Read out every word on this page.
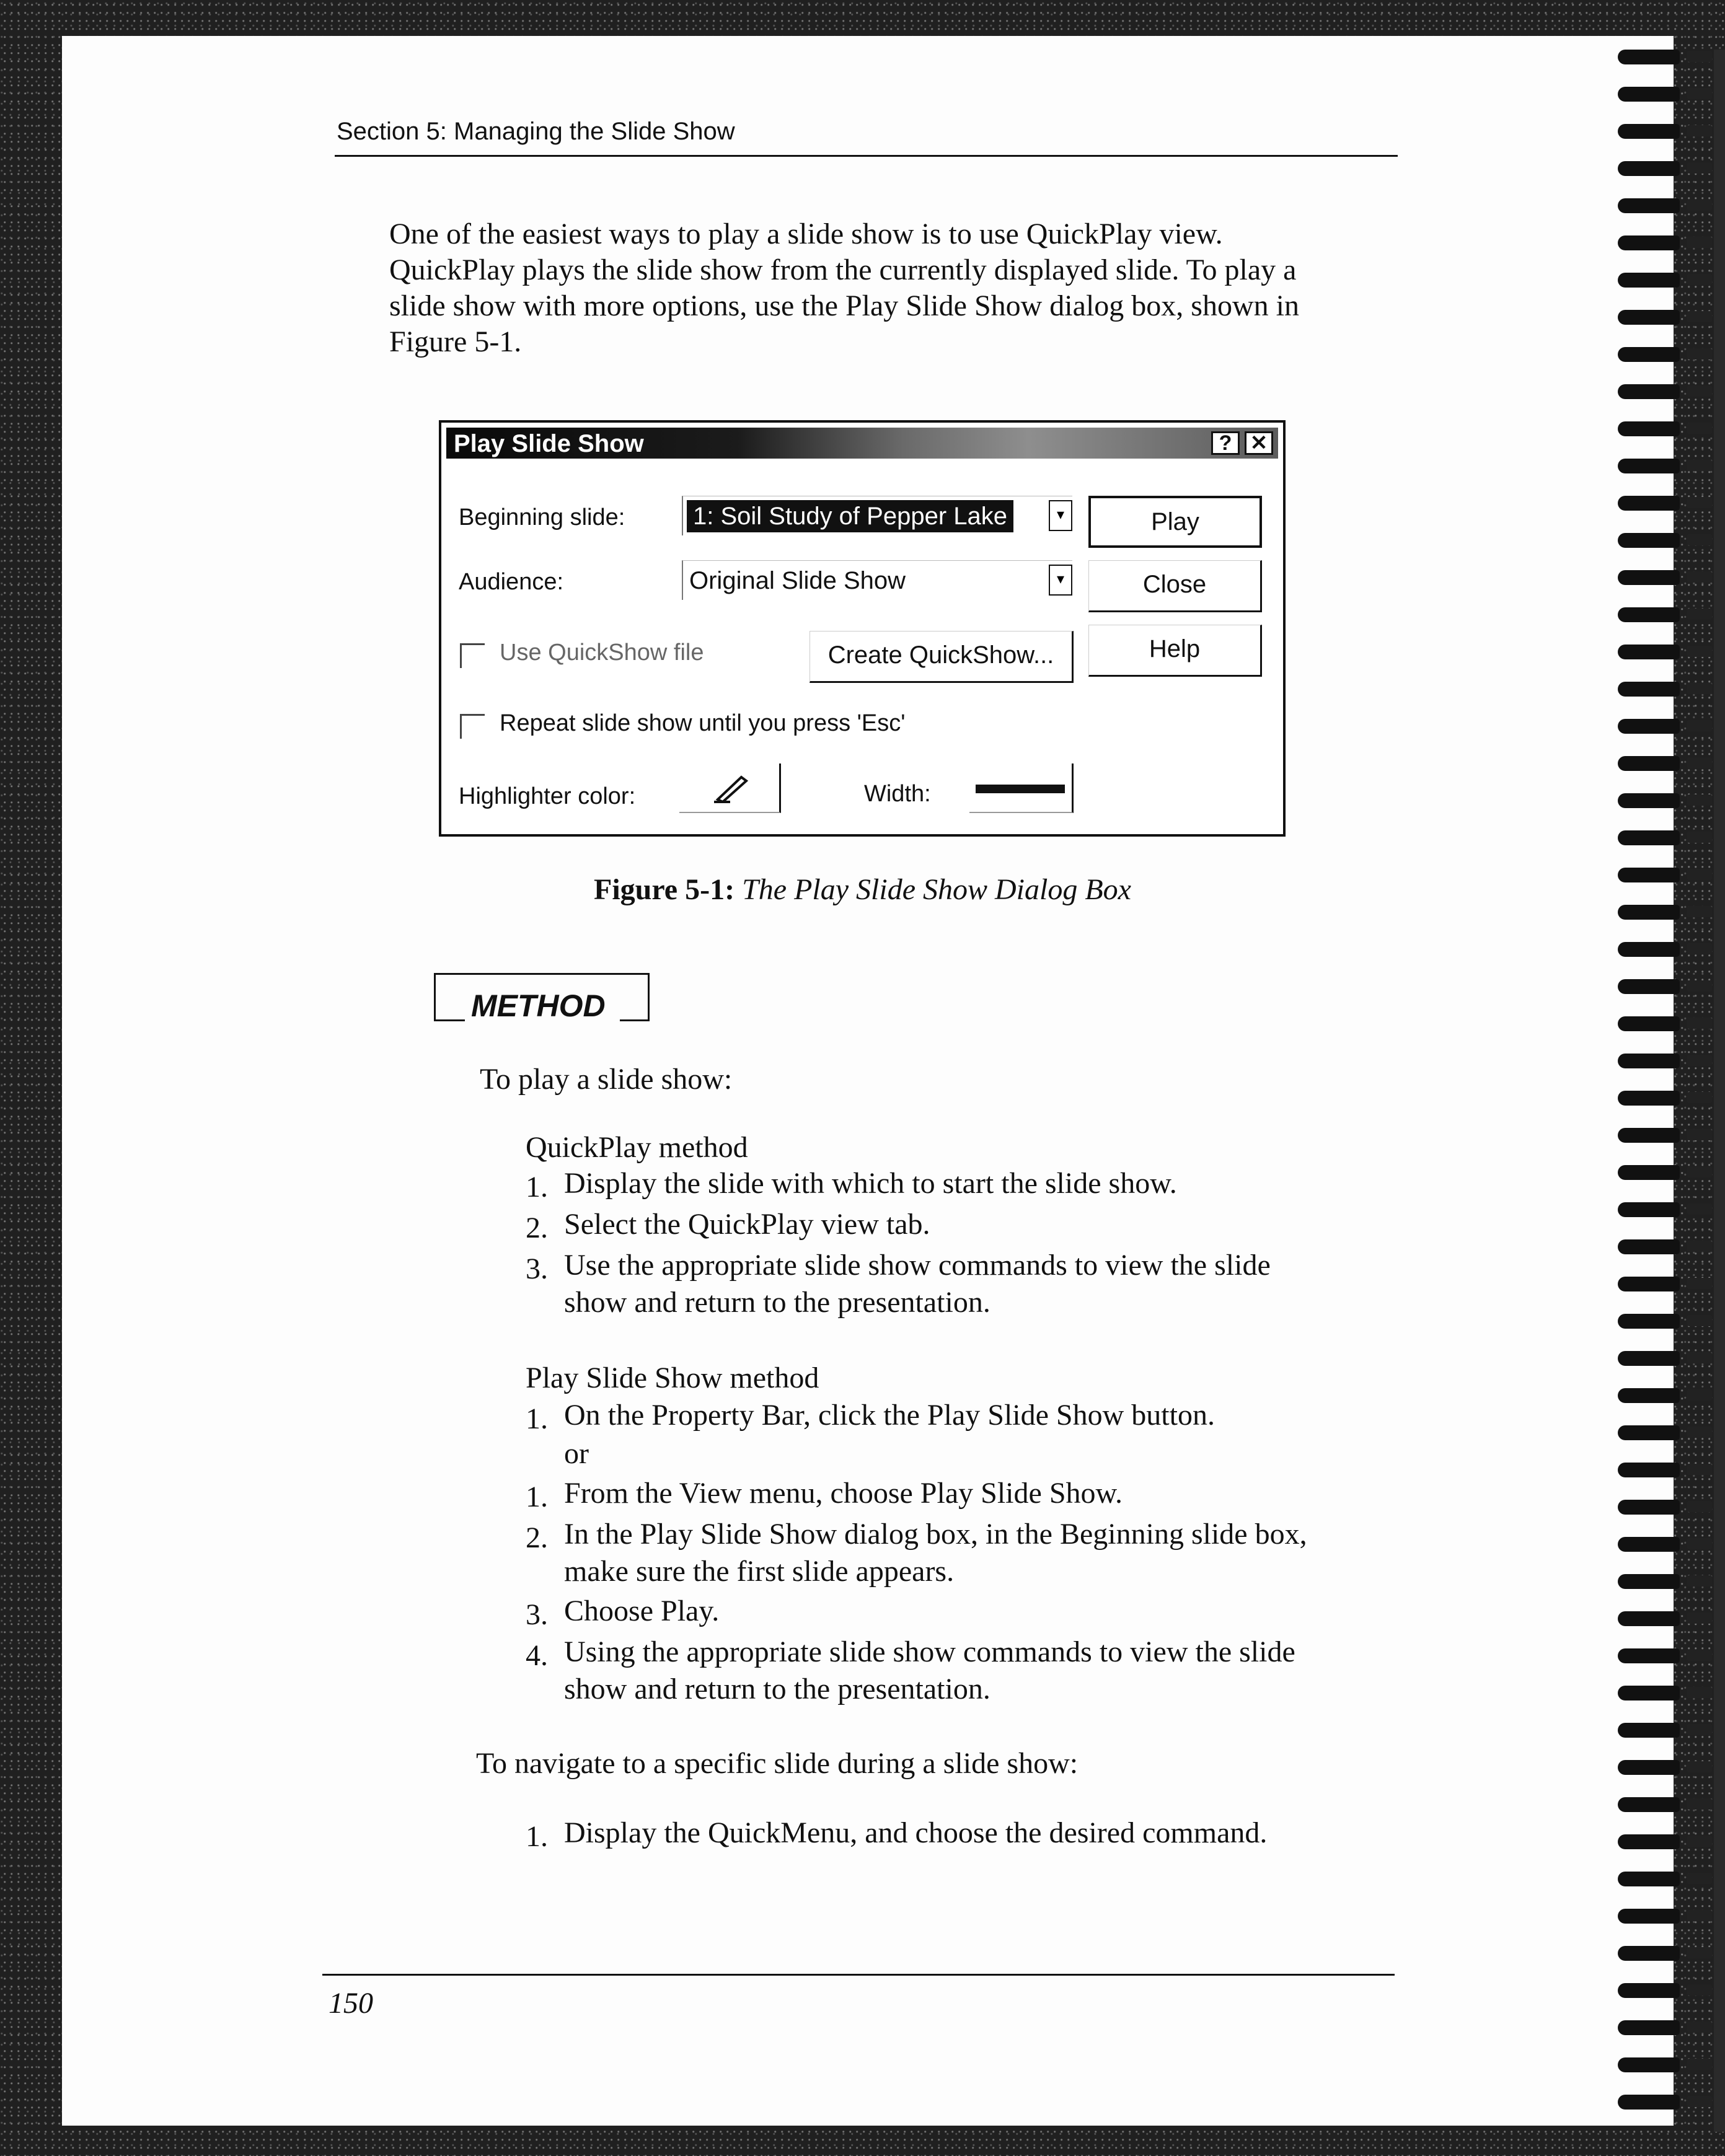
Section 5: Managing the Slide Show
One of the easiest ways to play a slide show is to use QuickPlay view.
QuickPlay plays the slide show from the currently displayed slide. To play a
slide show with more options, use the Play Slide Show dialog box, shown in
Figure 5-1.
Play Slide Show	? ✕
Beginning slide:	1: Soil Study of Pepper Lake	▾
Audience:	Original Slide Show	▾
Use QuickShow file	Create QuickShow...
Repeat slide show until you press 'Esc'
Highlighter color:	Width:
Play
Close
Help
Figure 5-1: The Play Slide Show Dialog Box
METHOD
To play a slide show:
QuickPlay method
1. Display the slide with which to start the slide show.
2. Select the QuickPlay view tab.
3. Use the appropriate slide show commands to view the slide
show and return to the presentation.
Play Slide Show method
1. On the Property Bar, click the Play Slide Show button.
or
1. From the View menu, choose Play Slide Show.
2. In the Play Slide Show dialog box, in the Beginning slide box,
make sure the first slide appears.
3. Choose Play.
4. Using the appropriate slide show commands to view the slide
show and return to the presentation.
To navigate to a specific slide during a slide show:
1. Display the QuickMenu, and choose the desired command.
150
